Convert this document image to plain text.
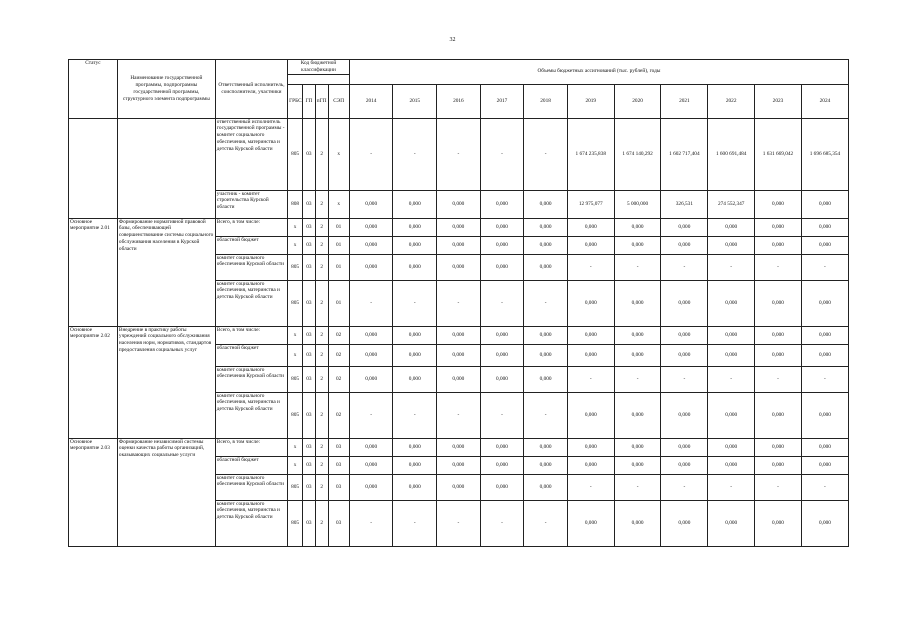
32
Статус	Наименование государственной программы, подпрограммы государственной программы, структурного элемента подпрограммы	Ответственный исполнитель, соисполнители, участники	Код бюджетной классификации				Объемы бюджетных ассигнований (тыс. рублей), годы										

			ГРБС	ГП	пГП	СЭП	2014	2015	2016	2017	2018	2019	2020	2021	2022	2023	2024
		ответственный исполнитель государственной программы - комитет социального обеспечения, материнства и детства Курской области	805	03	2	х	-	-	-	-	-	1 674 235,838	1 674 140,292	1 602 717,404	1 600 691,484	1 631 669,042	1 696 685,354
		участник - комитет строительства Курской области	808	03	2	х	0,000	0,000	0,000	0,000	0,000	12 975,077	5 000,000	326,531	274 552,347	0,000	0,000
Основное мероприятие 2.01	Формирование нормативной правовой базы, обеспечивающей совершенствование системы социального обслуживания населения в Курской области	Всего, в том числе:	х	03	2	01	0,000	0,000	0,000	0,000	0,000	0,000	0,000	0,000	0,000	0,000	0,000
		областной бюджет	х	03	2	01	0,000	0,000	0,000	0,000	0,000	0,000	0,000	0,000	0,000	0,000	0,000
		комитет социального обеспечения Курской области	805	03	2	01	0,000	0,000	0,000	0,000	0,000	-	-	-	-	-	-
		комитет социального обеспечения, материнства и детства Курской области	805	03	2	01	-	-	-	-	-	0,000	0,000	0,000	0,000	0,000	0,000
Основное мероприятие 2.02	Внедрение в практику работы учреждений социального обслуживания населения норм, нормативов, стандартов предоставления социальных услуг	Всего, в том числе:	х	03	2	02	0,000	0,000	0,000	0,000	0,000	0,000	0,000	0,000	0,000	0,000	0,000
		областной бюджет	х	03	2	02	0,000	0,000	0,000	0,000	0,000	0,000	0,000	0,000	0,000	0,000	0,000
		комитет социального обеспечения Курской области	805	03	2	02	0,000	0,000	0,000	0,000	0,000	-	-	-	-	-	-
		комитет социального обеспечения, материнства и детства Курской области	805	03	2	02	-	-	-	-	-	0,000	0,000	0,000	0,000	0,000	0,000
Основное мероприятие 2.03	Формирование независимой системы оценки качества работы организаций, оказывающих социальные услуги	Всего, в том числе:	х	03	2	03	0,000	0,000	0,000	0,000	0,000	0,000	0,000	0,000	0,000	0,000	0,000
		областной бюджет	х	03	2	03	0,000	0,000	0,000	0,000	0,000	0,000	0,000	0,000	0,000	0,000	0,000
		комитет социального обеспечения Курской области	805	03	2	03	0,000	0,000	0,000	0,000	0,000	-	-	-	-	-	-
		комитет социального обеспечения, материнства и детства Курской области	805	03	2	03	-	-	-	-	-	0,000	0,000	0,000	0,000	0,000	0,000
